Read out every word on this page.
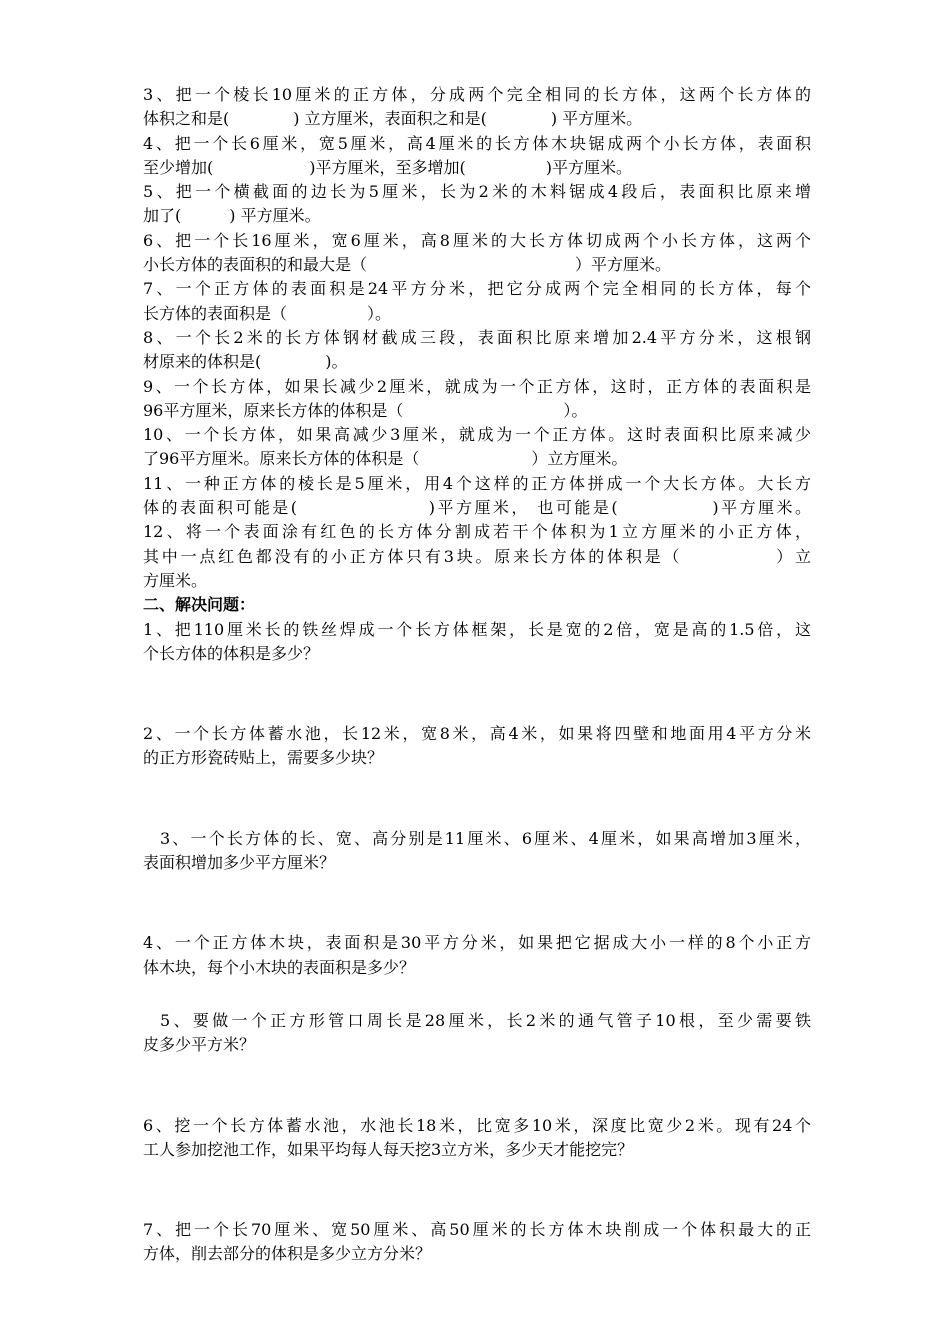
3、把一个棱长10厘米的正方体，分成两个完全相同的长方体，这两个长方体的
体积之和是(　　　　) 立方厘米，表面积之和是(　　　　) 平方厘米。
4、把一个长6厘米，宽5厘米，高4厘米的长方体木块锯成两个小长方体，表面积
至少增加(　　　　　　)平方厘米，至多增加(　　　　　)平方厘米。
5、把一个横截面的边长为5厘米，长为2米的木料锯成4段后，表面积比原来增
加了(　　　) 平方厘米。
6、把一个长16厘米，宽6厘米，高8厘米的大长方体切成两个小长方体，这两个
小长方体的表面积的和最大是（　　　　　　　　　　　　　）平方厘米。
7、一个正方体的表面积是24平方分米，把它分成两个完全相同的长方体，每个
长方体的表面积是（　　　　　）。
8、一个长2米的长方体钢材截成三段，表面积比原来增加2.4平方分米，这根钢
材原来的体积是(　　　　)。
9、一个长方体，如果长减少2厘米，就成为一个正方体，这时，正方体的表面积是
96平方厘米，原来长方体的体积是（　　　　　　　　　　）。
10、一个长方体，如果高减少3厘米，就成为一个正方体。这时表面积比原来减少
了96平方厘米。原来长方体的体积是（　　　　　　　）立方厘米。
11、一种正方体的棱长是5厘米，用4个这样的正方体拼成一个大长方体。大长方
体的表面积可能是(　　　　　　　)平方厘米， 也可能是(　　　　　)平方厘米。
12、将一个表面涂有红色的长方体分割成若干个体积为1立方厘米的小正方体，
其中一点红色都没有的小正方体只有3块。原来长方体的体积是（　　　　　）立
方厘米。
二、解决问题：
1、把110厘米长的铁丝焊成一个长方体框架，长是宽的2倍，宽是高的1.5倍，这
个长方体的体积是多少？
2、一个长方体蓄水池，长12米，宽8米，高4米，如果将四壁和地面用4平方分米
的正方形瓷砖贴上，需要多少块？
3、一个长方体的长、宽、高分别是11厘米、6厘米、4厘米，如果高增加3厘米，
表面积增加多少平方厘米？
4、一个正方体木块，表面积是30平方分米，如果把它据成大小一样的8个小正方
体木块，每个小木块的表面积是多少？
5、要做一个正方形管口周长是28厘米，长2米的通气管子10根，至少需要铁
皮多少平方米？
6、挖一个长方体蓄水池，水池长18米，比宽多10米，深度比宽少2米。现有24个
工人参加挖池工作，如果平均每人每天挖3立方米，多少天才能挖完？
7、把一个长70厘米、宽50厘米、高50厘米的长方体木块削成一个体积最大的正
方体，削去部分的体积是多少立方分米？
